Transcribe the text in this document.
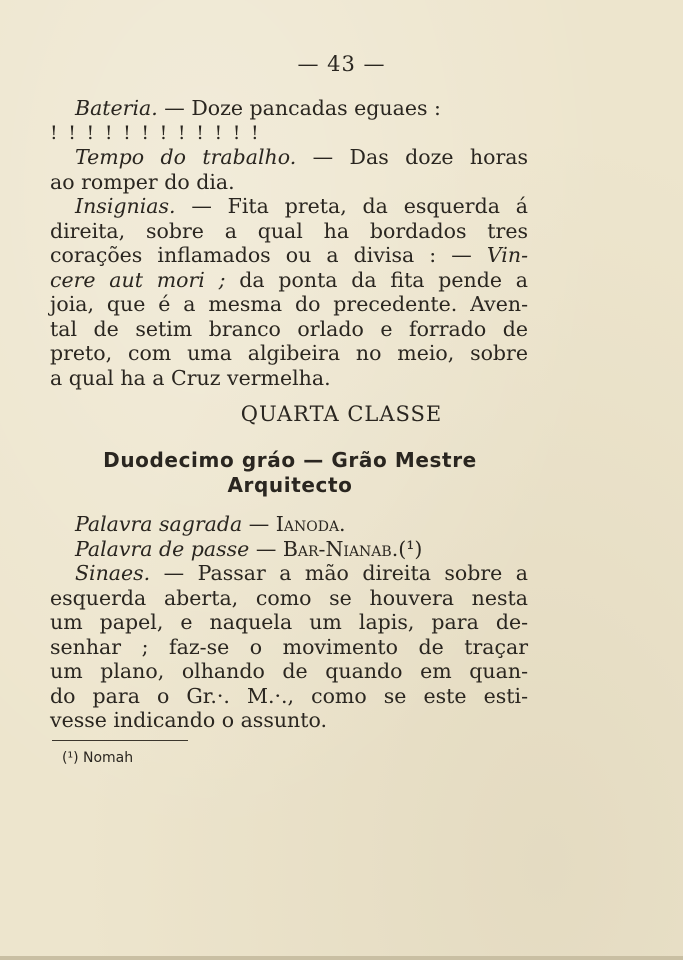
— 43 —
Bateria. — Doze pancadas eguaes :
! ! ! ! ! ! ! ! ! ! ! !
Tempo do trabalho. — Das doze horas
ao romper do dia.
Insignias. — Fita preta, da esquerda á
direita, sobre a qual ha bordados tres
corações inflamados ou a divisa : — Vin-
cere aut mori ; da ponta da fita pende a
joia, que é a mesma do precedente. Aven-
tal de setim branco orlado e forrado de
preto, com uma algibeira no meio, sobre
a qual ha a Cruz vermelha.
QUARTA CLASSE
Duodecimo gráo — Grão Mestre
Arquitecto
Palavra sagrada — Ianoda.
Palavra de passe — Bar-Nianab.(¹)
Sinaes. — Passar a mão direita sobre a
esquerda aberta, como se houvera nesta
um papel, e naquela um lapis, para de-
senhar ; faz-se o movimento de traçar
um plano, olhando de quando em quan-
do para o Gr.·. M.·., como se este esti-
vesse indicando o assunto.
(¹) Nomah
